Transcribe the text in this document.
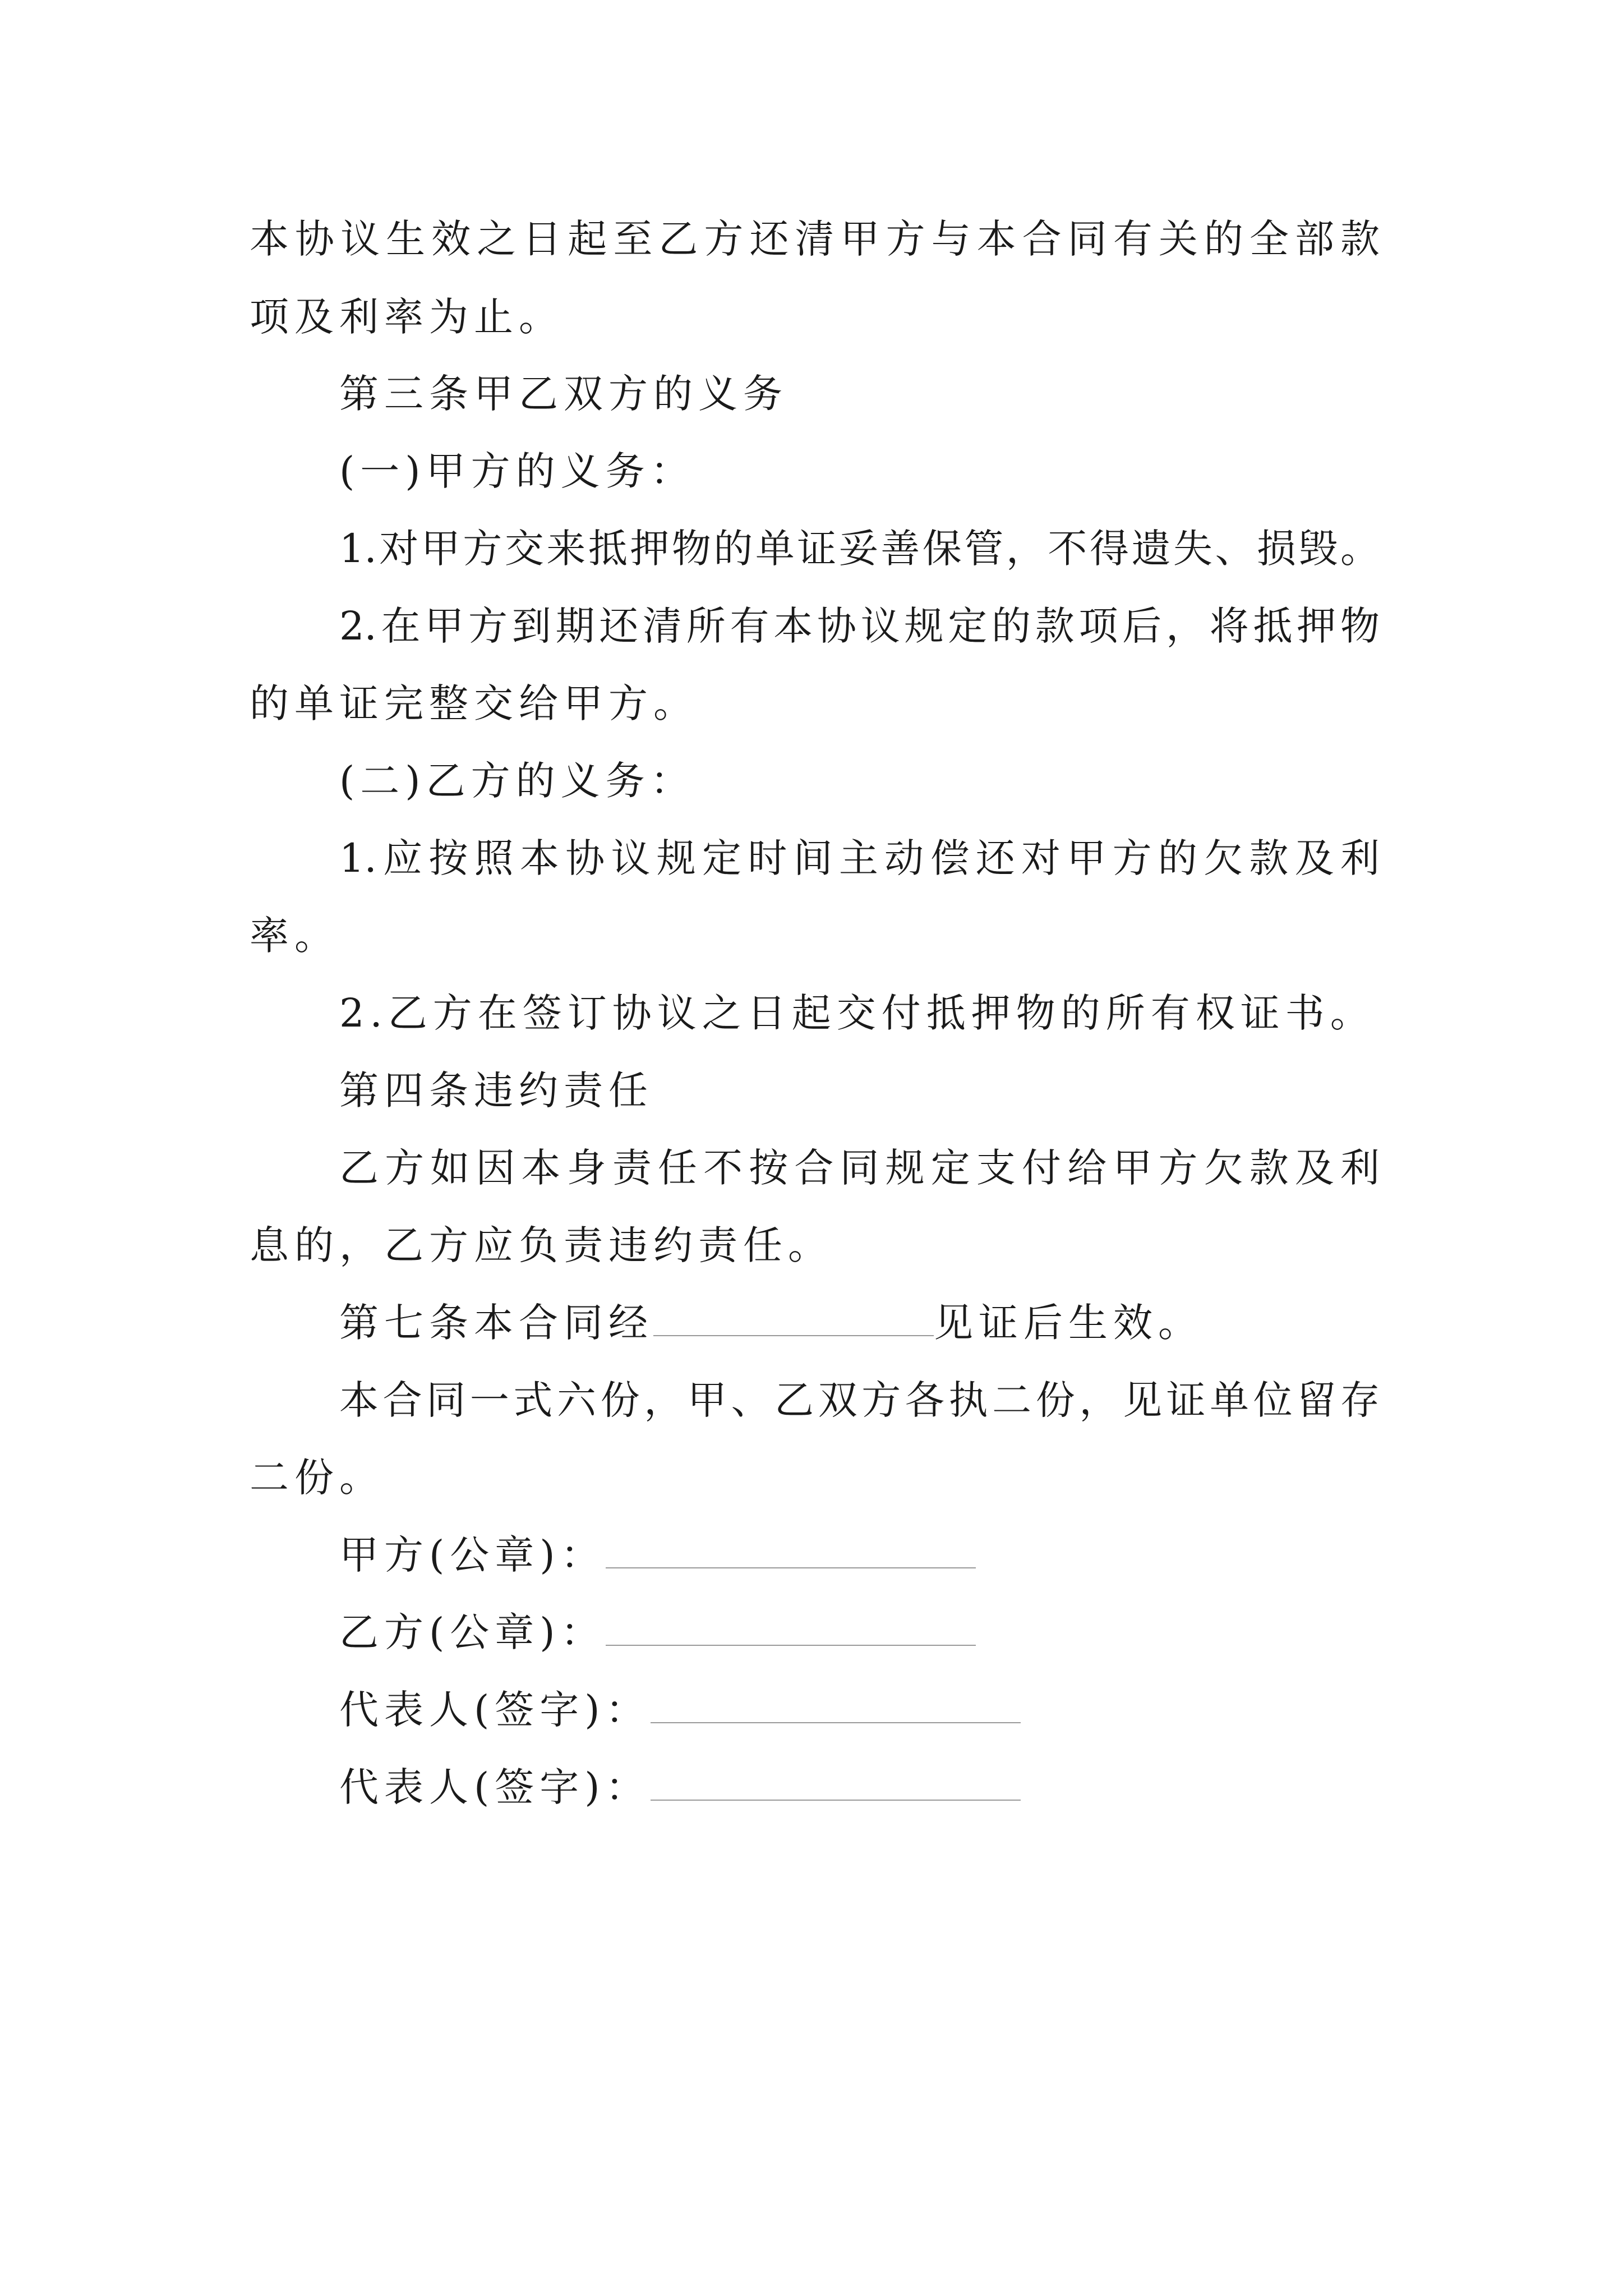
本协议生效之日起至乙方还清甲方与本合同有关的全部款
项及利率为止。
第三条甲乙双方的义务
(一)甲方的义务：
1.对甲方交来抵押物的单证妥善保管，不得遗失、损毁。
2.在甲方到期还清所有本协议规定的款项后，将抵押物
的单证完整交给甲方。
(二)乙方的义务：
1.应按照本协议规定时间主动偿还对甲方的欠款及利
率。
2.乙方在签订协议之日起交付抵押物的所有权证书。
第四条违约责任
乙方如因本身责任不按合同规定支付给甲方欠款及利
息的，乙方应负责违约责任。
第七条本合同经	见证后生效。
本合同一式六份，甲、乙双方各执二份，见证单位留存
二份。
甲方(公章)：
乙方(公章)：
代表人(签字)：
代表人(签字)：
